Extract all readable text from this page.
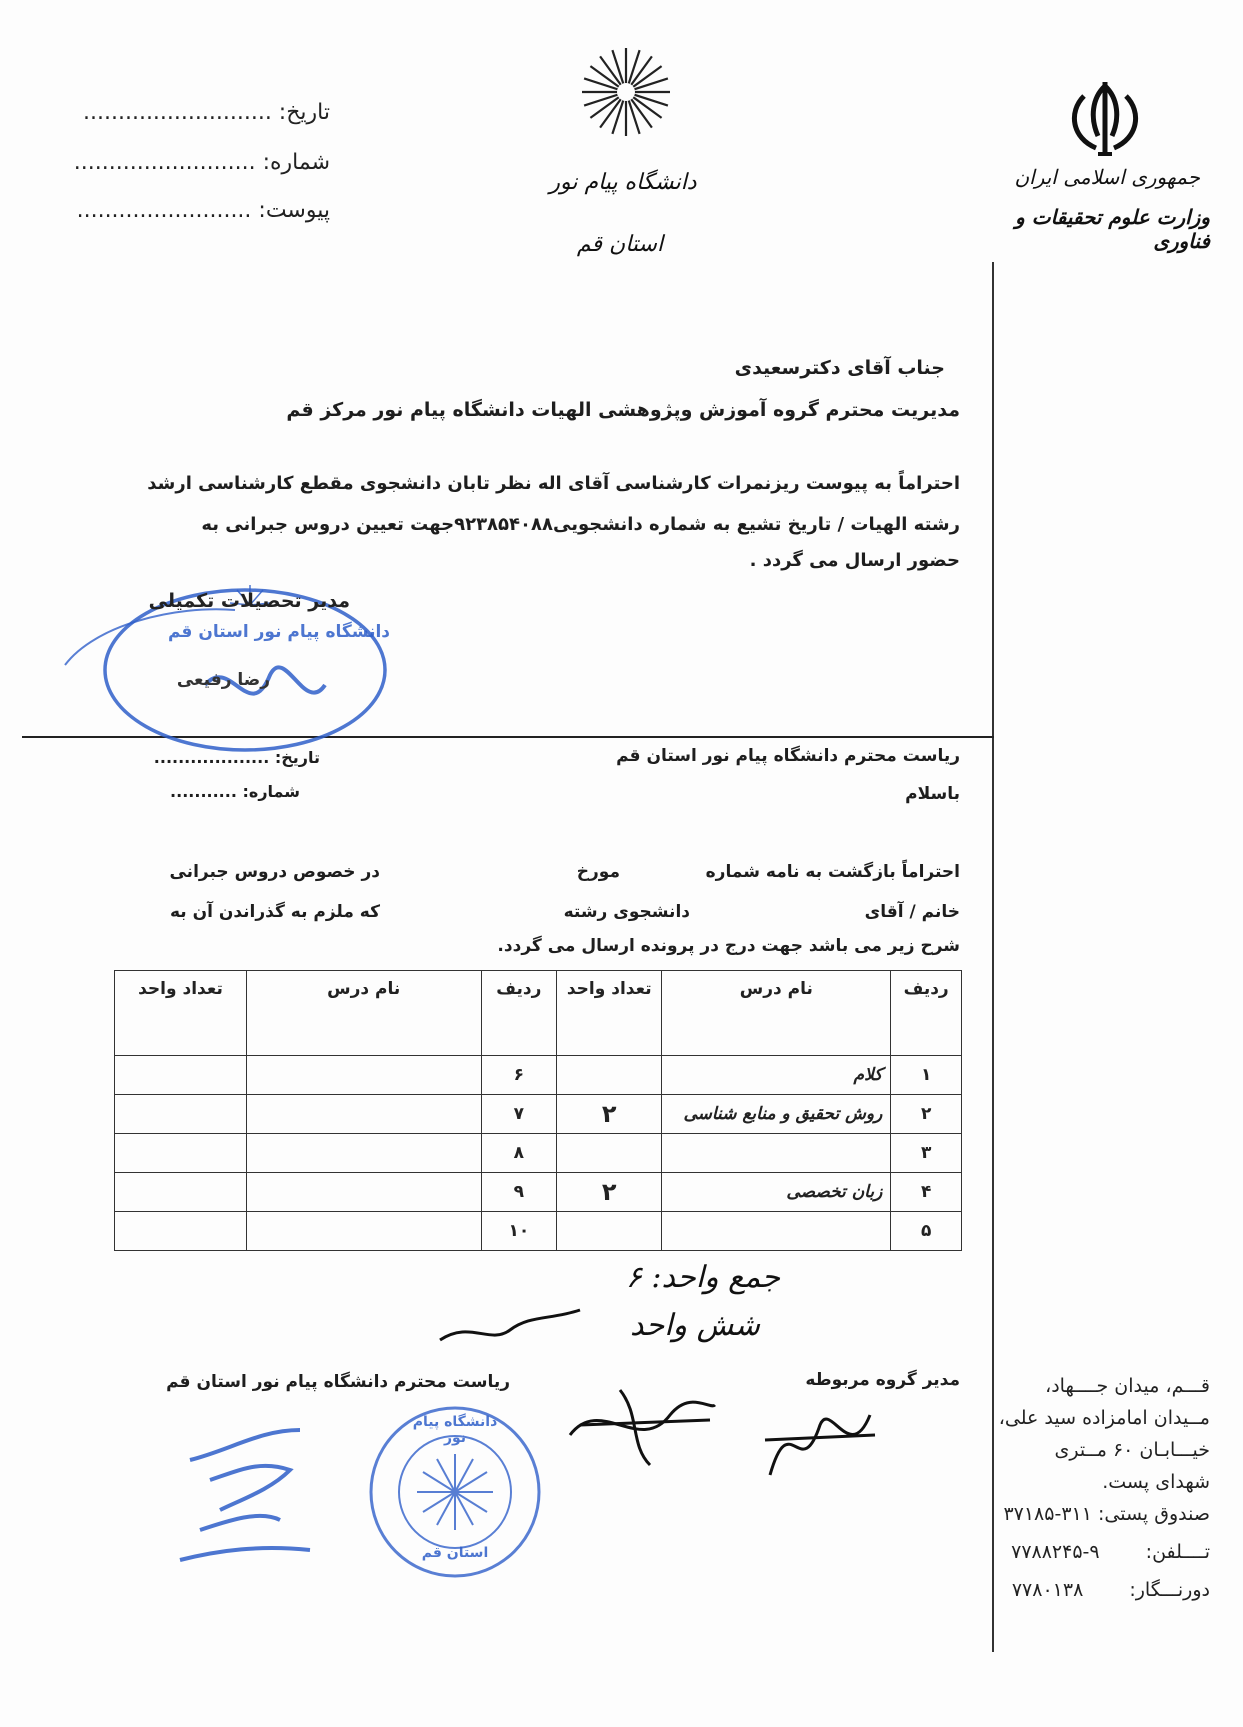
جمهوری اسلامی ایران
وزارت علوم تحقیقات و فناوری
دانشگاه پیام نور
استان قم
تاریخ: ...........................
شماره: ..........................
پیوست: .........................
جناب آقای دکترسعیدی
مدیریت محترم گروه آموزش وپژوهشی الهیات دانشگاه پیام نور مرکز قم
احتراماً به پیوست ریزنمرات کارشناسی آقای اله نظر تابان دانشجوی مقطع کارشناسی ارشد
رشته الهیات / تاریخ تشیع به شماره دانشجویی۹۲۳۸۵۴۰۸۸جهت تعیین دروس جبرانی به
حضور ارسال می گردد .
مدیر تحصیلات تکمیلی
دانشگاه پیام نور استان قم
رضا رفیعی
ریاست محترم دانشگاه پیام نور استان قم
باسلام
تاریخ: ...................
شماره: ...........
احتراماً بازگشت به نامه شماره
مورخ
در خصوص دروس جبرانی
خانم / آقای
دانشجوی رشته
که ملزم به گذراندن آن به
شرح زیر می باشد جهت درج در پرونده ارسال می گردد.
ردیف	نام درس	تعداد واحد	ردیف	نام درس	تعداد واحد
۱	کلام		۶		
۲	روش تحقیق و منابع شناسی	۲	۷		
۳			۸		
۴	زبان تخصصی	۲	۹		
۵			۱۰		
جمع واحد: ۶
شش واحد
مدیر گروه مربوطه
ریاست محترم دانشگاه پیام نور استان قم
دانشگاه پیام نور
استان قم
قـــم، میدان جــــهاد،
مــیدان امامزاده سید علی،
خیـــابـان ۶۰ مــتری
شهدای پست.
صندوق پستی: ۳۱۱-۳۷۱۸۵
تــــلفن: ۹-۷۷۸۸۲۴۵
دورنـــگار: ۷۷۸۰۱۳۸
